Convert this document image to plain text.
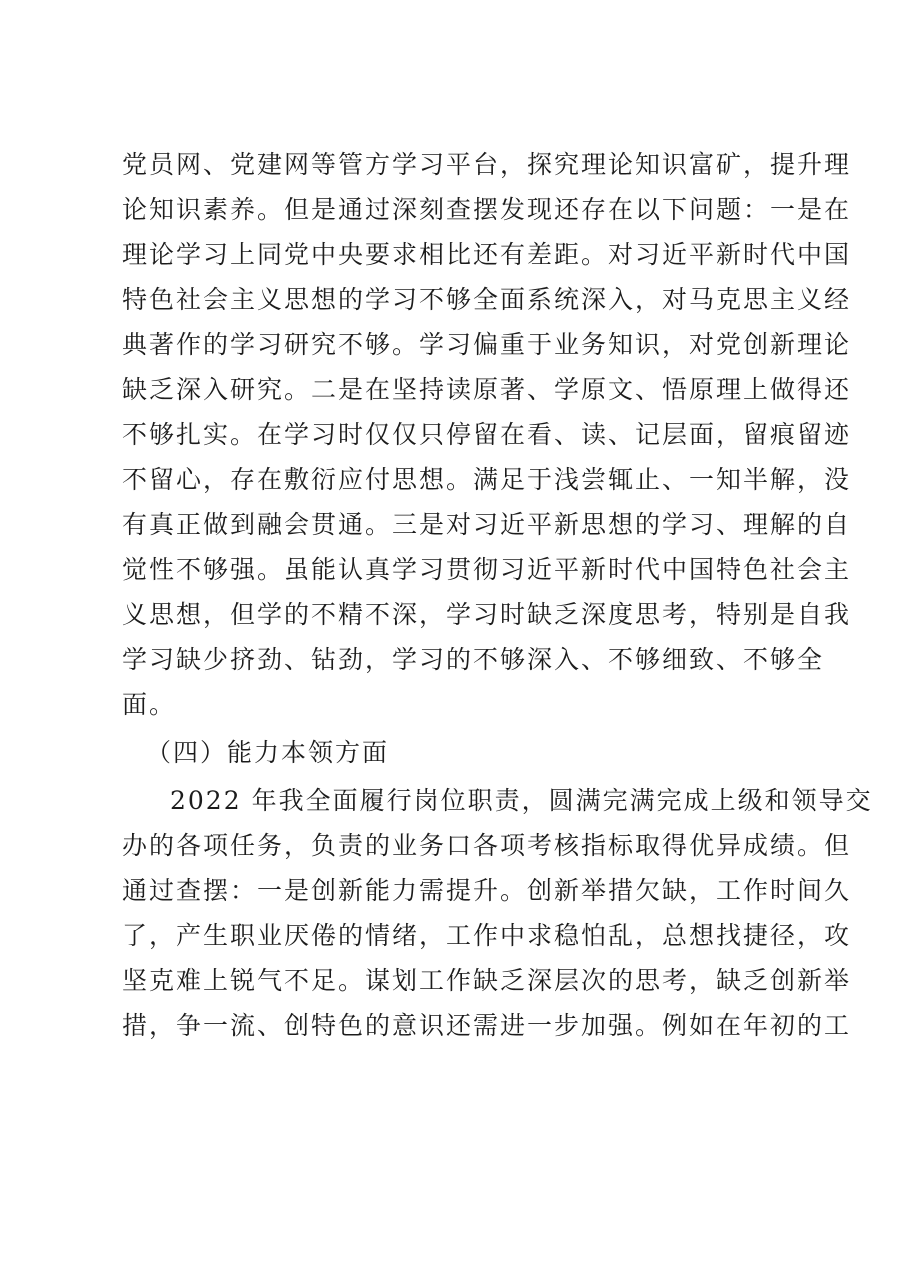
党员网、党建网等管方学习平台，探究理论知识富矿，提升理
论知识素养。但是通过深刻查摆发现还存在以下问题：一是在
理论学习上同党中央要求相比还有差距。对习近平新时代中国
特色社会主义思想的学习不够全面系统深入，对马克思主义经
典著作的学习研究不够。学习偏重于业务知识，对党创新理论
缺乏深入研究。二是在坚持读原著、学原文、悟原理上做得还
不够扎实。在学习时仅仅只停留在看、读、记层面，留痕留迹
不留心，存在敷衍应付思想。满足于浅尝辄止、一知半解，没
有真正做到融会贯通。三是对习近平新思想的学习、理解的自
觉性不够强。虽能认真学习贯彻习近平新时代中国特色社会主
义思想，但学的不精不深，学习时缺乏深度思考，特别是自我
学习缺少挤劲、钻劲，学习的不够深入、不够细致、不够全
面。
（四）能力本领方面
2022 年我全面履行岗位职责，圆满完满完成上级和领导交
办的各项任务，负责的业务口各项考核指标取得优异成绩。但
通过查摆：一是创新能力需提升。创新举措欠缺，工作时间久
了，产生职业厌倦的情绪，工作中求稳怕乱，总想找捷径，攻
坚克难上锐气不足。谋划工作缺乏深层次的思考，缺乏创新举
措，争一流、创特色的意识还需进一步加强。例如在年初的工
